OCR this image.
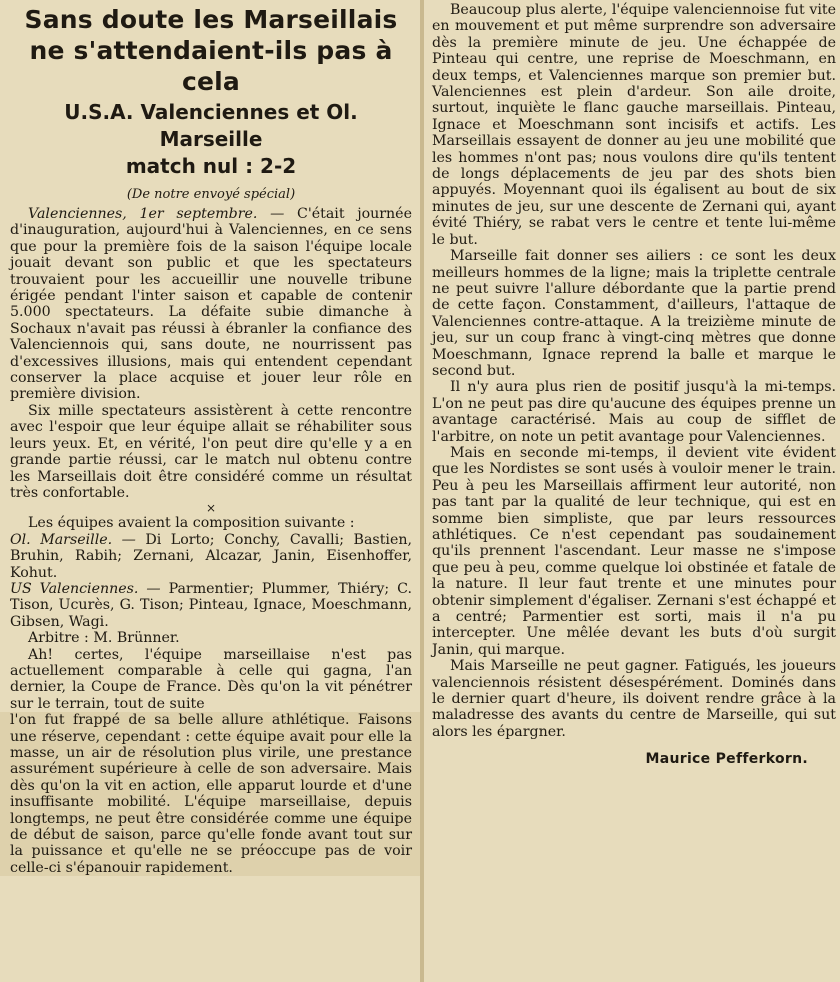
Sans doute les Marseillais
ne s'attendaient-ils pas à cela
U.S.A. Valenciennes et Ol. Marseille
match nul : 2-2
(De notre envoyé spécial)

Valenciennes, 1er septembre. — C'était journée d'inauguration, aujourd'hui à Valenciennes, en ce sens que pour la première fois de la saison l'équipe locale jouait devant son public et que les spectateurs trouvaient pour les accueillir une nouvelle tribune érigée pendant l'inter saison et capable de contenir 5.000 spectateurs. La défaite subie dimanche à Sochaux n'avait pas réussi à ébranler la confiance des Valenciennois qui, sans doute, ne nourrissent pas d'excessives illusions, mais qui entendent cependant conserver la place acquise et jouer leur rôle en première division.

Six mille spectateurs assistèrent à cette rencontre avec l'espoir que leur équipe allait se réhabiliter sous leurs yeux. Et, en vérité, l'on peut dire qu'elle y a en grande partie réussi, car le match nul obtenu contre les Marseillais doit être considéré comme un résultat très confortable.

×

Les équipes avaient la composition suivante :

Ol. Marseille. — Di Lorto; Conchy, Cavalli; Bastien, Bruhin, Rabih; Zernani, Alcazar, Janin, Eisenhoffer, Kohut.

US Valenciennes. — Parmentier; Plummer, Thiéry; C. Tison, Ucurès, G. Tison; Pinteau, Ignace, Moeschmann, Gibsen, Wagi.

Arbitre : M. Brünner.

Ah! certes, l'équipe marseillaise n'est pas actuellement comparable à celle qui gagna, l'an dernier, la Coupe de France. Dès qu'on la vit pénétrer sur le terrain, tout de suite

l'on fut frappé de sa belle allure athlétique. Faisons une réserve, cependant : cette équipe avait pour elle la masse, un air de résolution plus virile, une prestance assurément supérieure à celle de son adversaire. Mais dès qu'on la vit en action, elle apparut lourde et d'une insuffisante mobilité. L'équipe marseillaise, depuis longtemps, ne peut être considérée comme une équipe de début de saison, parce qu'elle fonde avant tout sur la puissance et qu'elle ne se préoccupe pas de voir celle-ci s'épanouir rapidement.

Beaucoup plus alerte, l'équipe valenciennoise fut vite en mouvement et put même surprendre son adversaire dès la première minute de jeu. Une échappée de Pinteau qui centre, une reprise de Moeschmann, en deux temps, et Valenciennes marque son premier but. Valenciennes est plein d'ardeur. Son aile droite, surtout, inquiète le flanc gauche marseillais. Pinteau, Ignace et Moeschmann sont incisifs et actifs. Les Marseillais essayent de donner au jeu une mobilité que les hommes n'ont pas; nous voulons dire qu'ils tentent de longs déplacements de jeu par des shots bien appuyés. Moyennant quoi ils égalisent au bout de six minutes de jeu, sur une descente de Zernani qui, ayant évité Thiéry, se rabat vers le centre et tente lui-même le but.

Marseille fait donner ses ailiers : ce sont les deux meilleurs hommes de la ligne; mais la triplette centrale ne peut suivre l'allure débordante que la partie prend de cette façon. Constamment, d'ailleurs, l'attaque de Valenciennes contre-attaque. A la treizième minute de jeu, sur un coup franc à vingt-cinq mètres que donne Moeschmann, Ignace reprend la balle et marque le second but.

Il n'y aura plus rien de positif jusqu'à la mi-temps. L'on ne peut pas dire qu'aucune des équipes prenne un avantage caractérisé. Mais au coup de sifflet de l'arbitre, on note un petit avantage pour Valenciennes.

Mais en seconde mi-temps, il devient vite évident que les Nordistes se sont usés à vouloir mener le train. Peu à peu les Marseillais affirment leur autorité, non pas tant par la qualité de leur technique, qui est en somme bien simpliste, que par leurs ressources athlétiques. Ce n'est cependant pas soudainement qu'ils prennent l'ascendant. Leur masse ne s'impose que peu à peu, comme quelque loi obstinée et fatale de la nature. Il leur faut trente et une minutes pour obtenir simplement d'égaliser. Zernani s'est échappé et a centré; Parmentier est sorti, mais il n'a pu intercepter. Une mêlée devant les buts d'où surgit Janin, qui marque.

Mais Marseille ne peut gagner. Fatigués, les joueurs valenciennois résistent désespérément. Dominés dans le dernier quart d'heure, ils doivent rendre grâce à la maladresse des avants du centre de Marseille, qui sut alors les épargner.

Maurice Pefferkorn.
